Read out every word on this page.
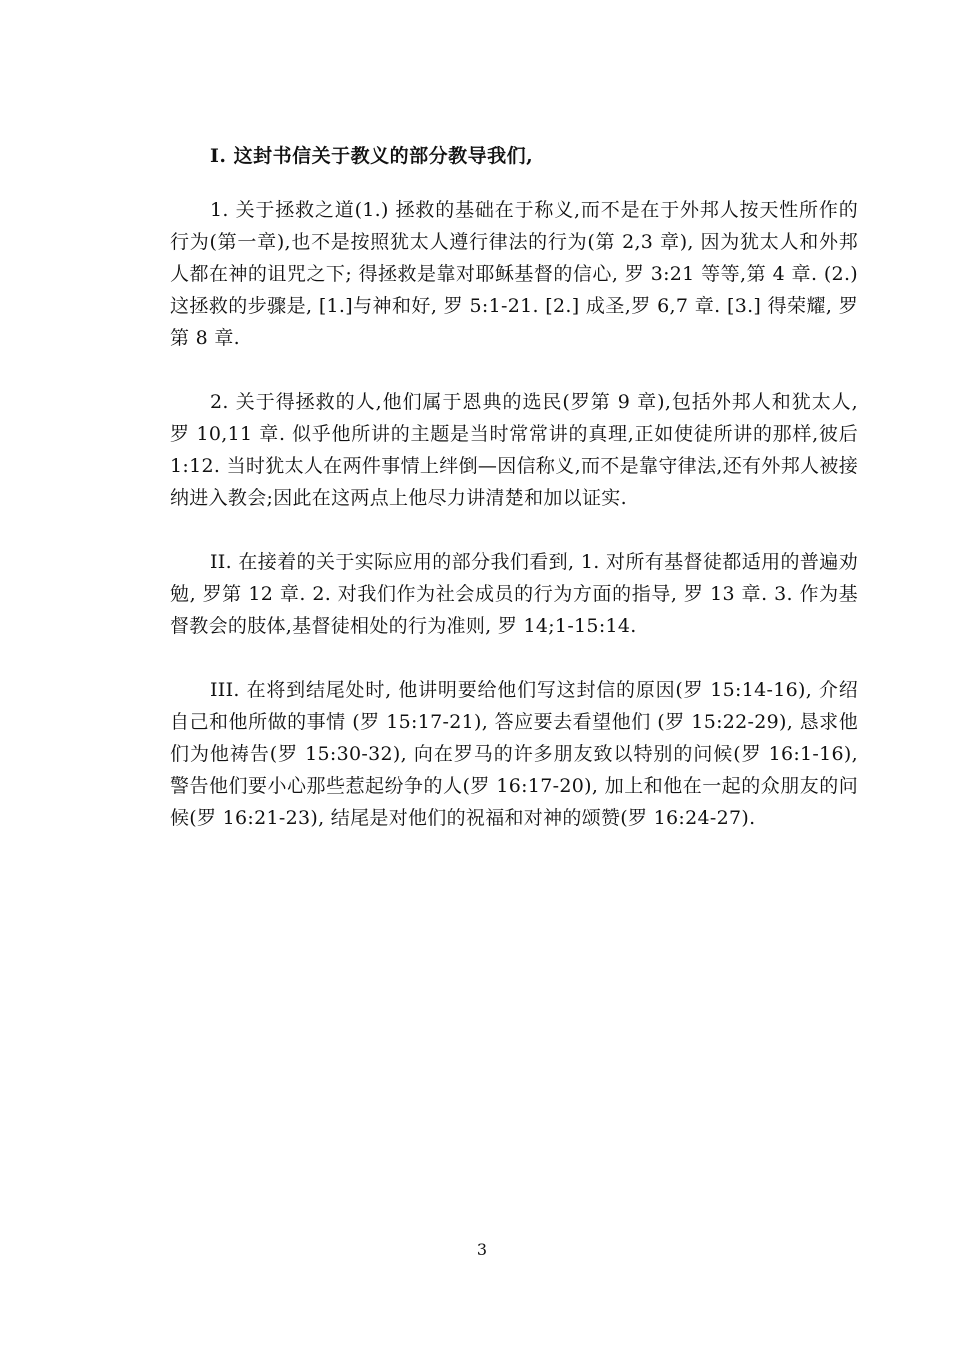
I. 这封书信关于教义的部分教导我们,

1. 关于拯救之道(1.) 拯救的基础在于称义,而不是在于外邦人按天性所作的行为(第一章),也不是按照犹太人遵行律法的行为(第 2,3 章), 因为犹太人和外邦人都在神的诅咒之下; 得拯救是靠对耶稣基督的信心, 罗 3:21 等等,第 4 章. (2.) 这拯救的步骤是, [1.]与神和好, 罗 5:1-21. [2.] 成圣,罗 6,7 章. [3.] 得荣耀, 罗第 8 章.

2. 关于得拯救的人,他们属于恩典的选民(罗第 9 章),包括外邦人和犹太人, 罗 10,11 章. 似乎他所讲的主题是当时常常讲的真理,正如使徒所讲的那样,彼后 1:12. 当时犹太人在两件事情上绊倒—因信称义,而不是靠守律法,还有外邦人被接纳进入教会;因此在这两点上他尽力讲清楚和加以证实.

II. 在接着的关于实际应用的部分我们看到, 1. 对所有基督徒都适用的普遍劝勉, 罗第 12 章. 2. 对我们作为社会成员的行为方面的指导, 罗 13 章. 3. 作为基督教会的肢体,基督徒相处的行为准则, 罗 14;1-15:14.

III. 在将到结尾处时, 他讲明要给他们写这封信的原因(罗 15:14-16), 介绍自己和他所做的事情 (罗 15:17-21), 答应要去看望他们 (罗 15:22-29), 恳求他们为他祷告(罗 15:30-32), 向在罗马的许多朋友致以特别的问候(罗 16:1-16),警告他们要小心那些惹起纷争的人(罗 16:17-20), 加上和他在一起的众朋友的问候(罗 16:21-23), 结尾是对他们的祝福和对神的颂赞(罗 16:24-27).

3
